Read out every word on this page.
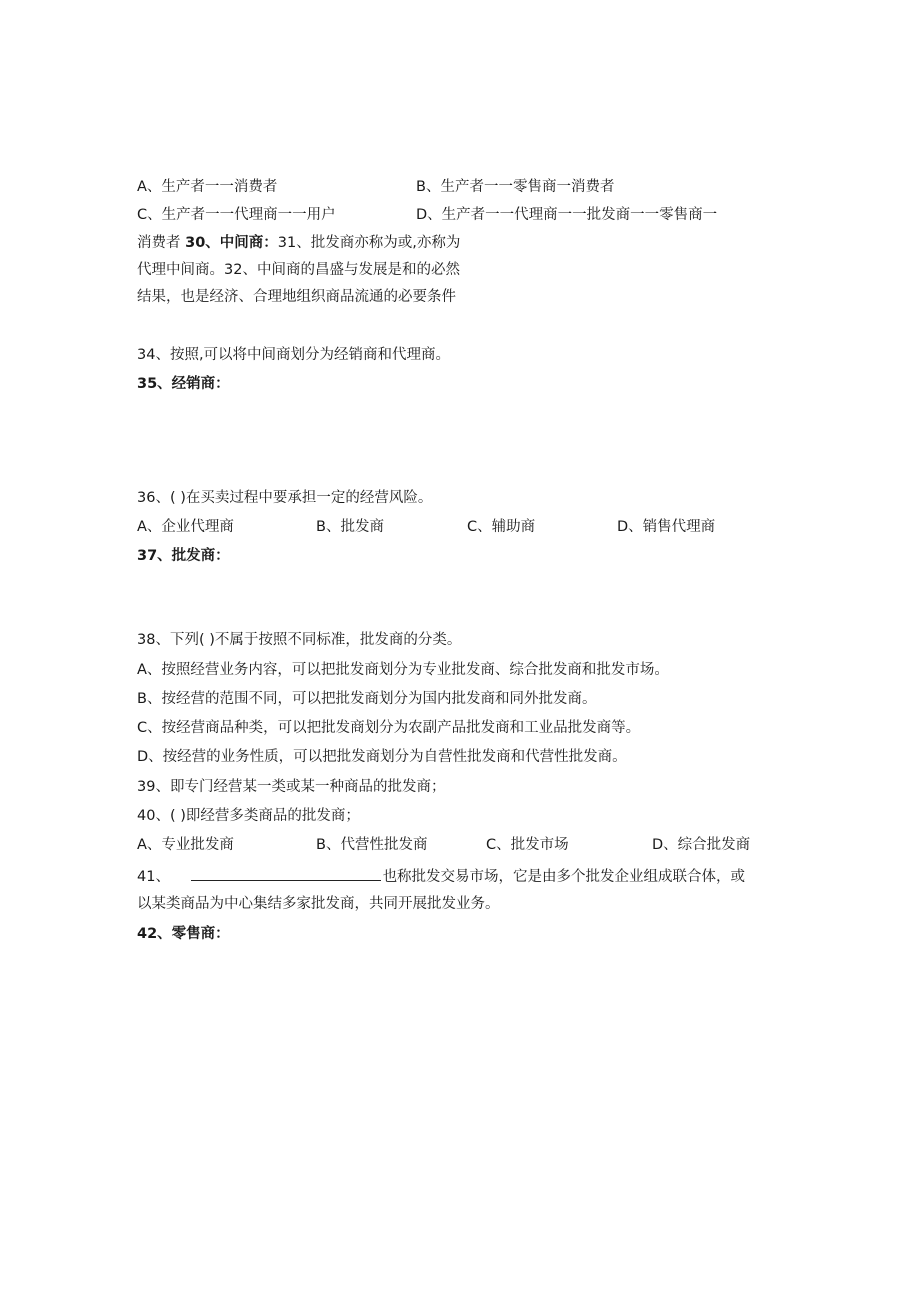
A、生产者一一消费者	B、生产者一一零售商一消费者
C、生产者一一代理商一一用户	D、生产者一一代理商一一批发商一一零售商一
消费者 30、中间商：31、批发商亦称为或,亦称为
代理中间商。32、中间商的昌盛与发展是和的必然
结果，也是经济、合理地组织商品流通的必要条件
34、按照,可以将中间商划分为经销商和代理商。
35、经销商：
36、( )在买卖过程中要承担一定的经营风险。
A、企业代理商	B、批发商	C、辅助商	D、销售代理商
37、批发商：
38、下列( )不属于按照不同标准，批发商的分类。
A、按照经营业务内容，可以把批发商划分为专业批发商、综合批发商和批发市场。
B、按经营的范围不同，可以把批发商划分为国内批发商和同外批发商。
C、按经营商品种类，可以把批发商划分为农副产品批发商和工业品批发商等。
D、按经营的业务性质，可以把批发商划分为自营性批发商和代营性批发商。
39、即专门经营某一类或某一种商品的批发商；
40、( )即经营多类商品的批发商；
A、专业批发商	B、代营性批发商	C、批发市场	D、综合批发商
41、	也称批发交易市场，它是由多个批发企业组成联合体，或
以某类商品为中心集结多家批发商，共同开展批发业务。
42、零售商：
